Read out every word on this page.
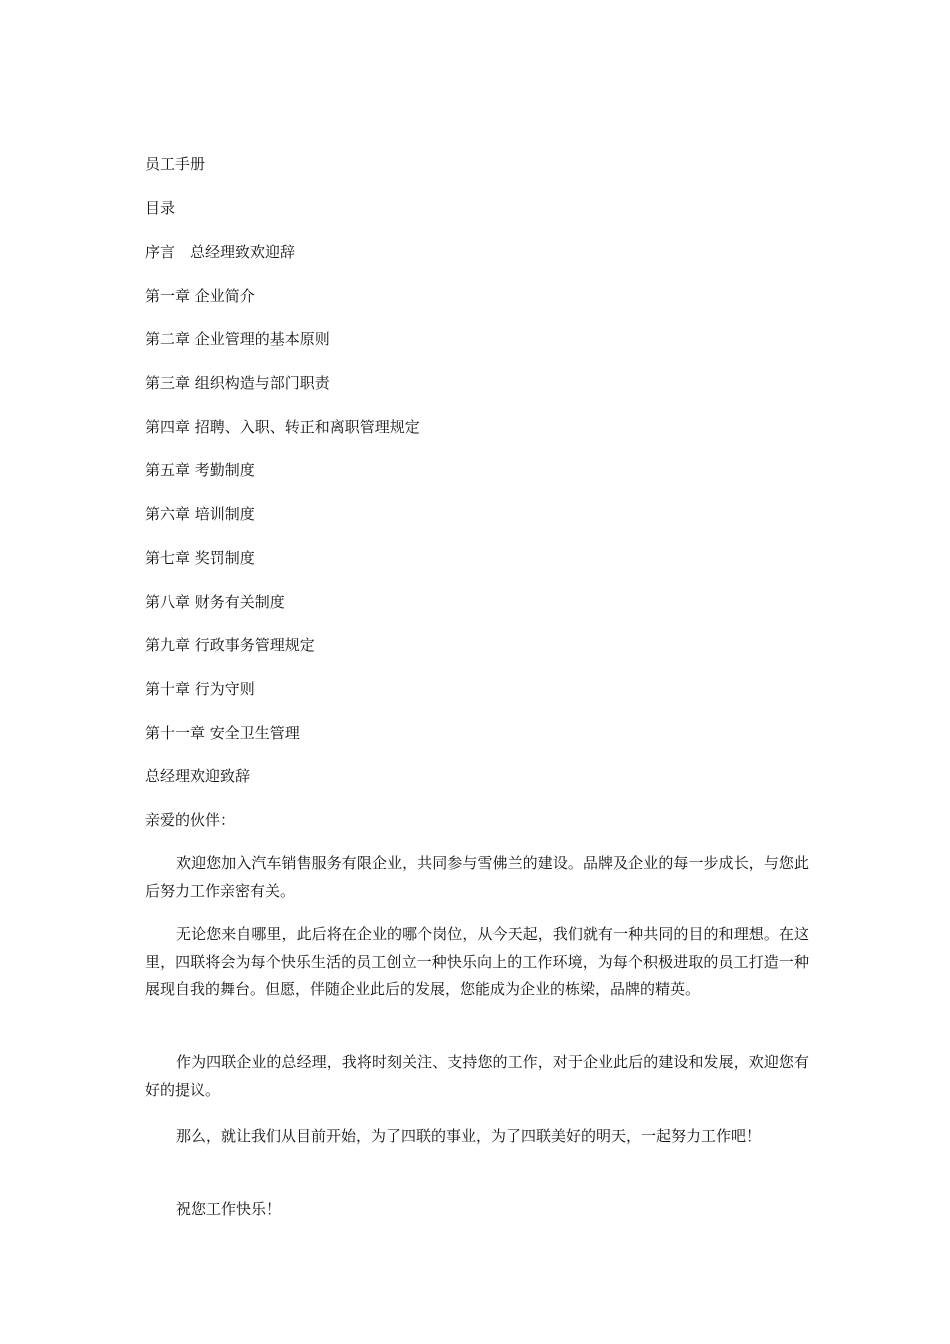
员工手册
目录
序言　总经理致欢迎辞
第一章 企业简介
第二章 企业管理的基本原则
第三章 组织构造与部门职责
第四章 招聘、入职、转正和离职管理规定
第五章 考勤制度
第六章 培训制度
第七章 奖罚制度
第八章 财务有关制度
第九章 行政事务管理规定
第十章 行为守则
第十一章 安全卫生管理
总经理欢迎致辞
亲爱的伙伴：
欢迎您加入汽车销售服务有限企业，共同参与雪佛兰的建设。品牌及企业的每一步成长，与您此后努力工作亲密有关。
无论您来自哪里，此后将在企业的哪个岗位，从今天起，我们就有一种共同的目的和理想。在这里，四联将会为每个快乐生活的员工创立一种快乐向上的工作环境，为每个积极进取的员工打造一种展现自我的舞台。但愿，伴随企业此后的发展，您能成为企业的栋梁，品牌的精英。
作为四联企业的总经理，我将时刻关注、支持您的工作，对于企业此后的建设和发展，欢迎您有好的提议。
那么，就让我们从目前开始，为了四联的事业，为了四联美好的明天，一起努力工作吧！
祝您工作快乐！
